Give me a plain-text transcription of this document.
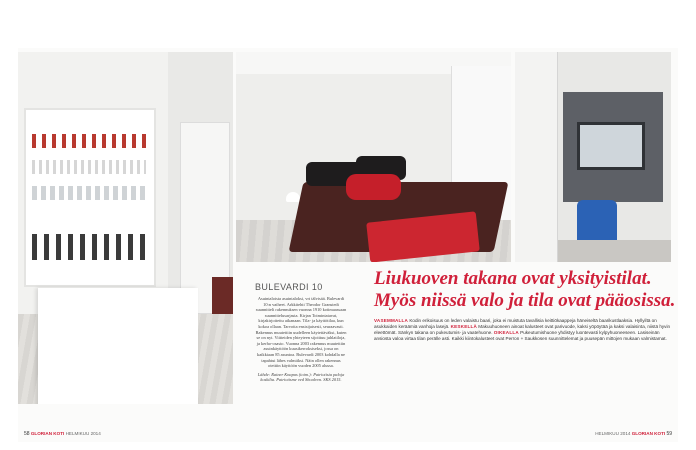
BULEVARDI 10

Asuintaloista asuintaloksi, vrt tälvisää. Bulevardi 10:n vaiheet. Arkkitehti Theodor Granstedt suunnitteli rakennuksen vuonna 1910 kotimaassaan suunnittelusarjasta. Kirjan Toimintatavat, kirjakirjoitettu aikanaan. Tila- ja käyttötilaa, kun kokoa ollaan. Tarvotta ensisijaisesti, seuraavasti. Rakennus muutettiin uudelleen käytettäväksi, kuten se on nyt. Viitteiden yhteyteen sijoittuu juhlatiloja, ja kerho-osasto. Vuonna 2003 rakennus muutettiin asuinkäyttöön kuusikerroksiseksi, jossa on kaikkiaan 85 asuntoa. Bulevardi 2003 kohdalla ne tapahtui lähes valmiiksi. Näin ollen rakennus otettiin käyttöön vuoden 2005 alussa.

Lähde: Rainer Knapas (toim.): Patriotisia paloja koskilta. Patriotisme ved Shoalvvn. SKS 2015.
Liukuoven takana ovat yksityistilat.
Myös niissä valo ja tila ovat pääosissa.

VASEMMALLA Kodin erikoisuus on leden valaistu baari, joka ei muistuta tavallisia keittiökaappeja häneiseltä baarikustlaaksia. Hyllyiltä on asukkaiden keräämiä vanhoja lasejä. KESKELLÄ Makuuhuoneen ainoat kalusteet ovat parivuode, kaksi yöpöytää ja kaksi valaisinta, niistä hyvin eleettömät. Sänkyn takana on pukeutumis- ja vaatehuone. OIKEALLA Pukeutumishuone yhdistyy luontevasti kylpyhuoneeseen. Lasiseinän ansiosta valoa virtaa tilan perälle asti. Kaikki kiintokalusteet ovat Perron + Saukkosen suunnittelemat ja puusepän mittojen mukaan valmistamat.

58 GLORIAN KOTI HELMIKUU 2014	HELMIKUU 2014 GLORIAN KOTI 59
